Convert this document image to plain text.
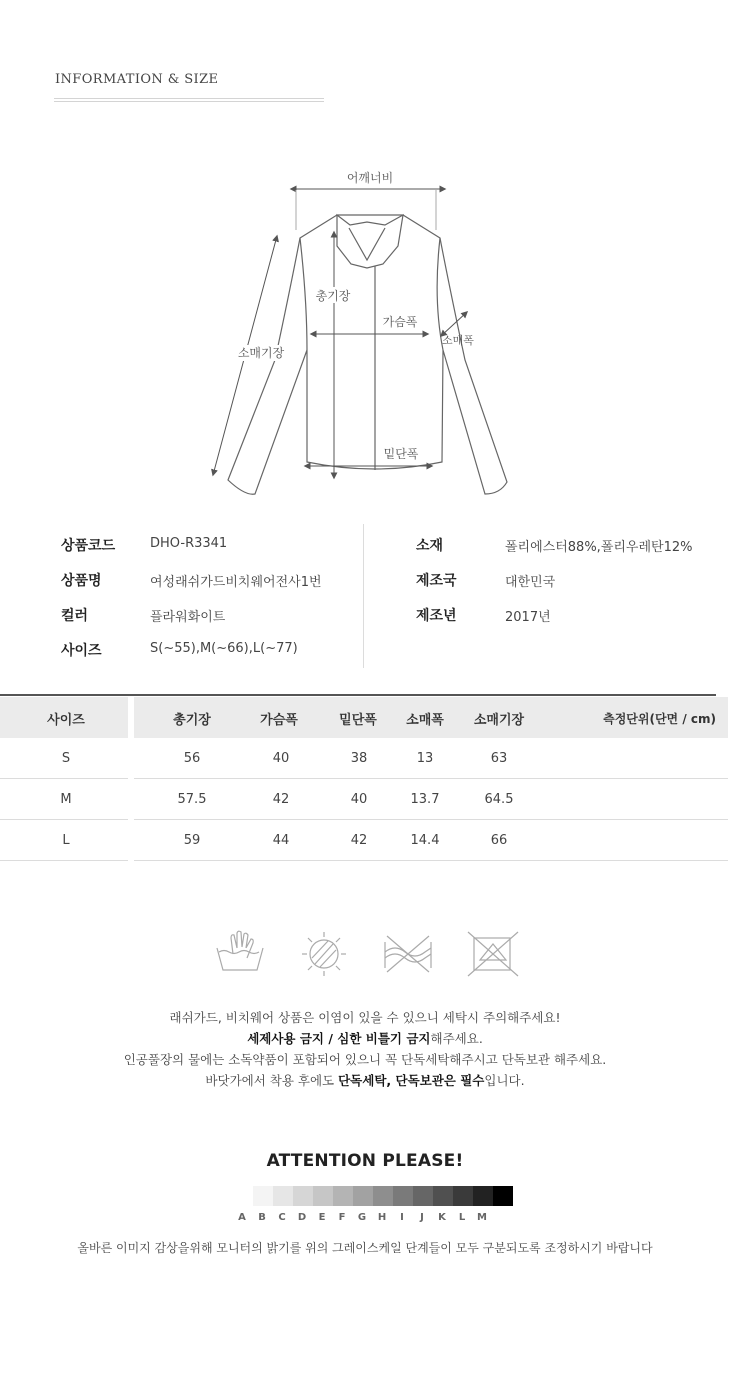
INFORMATION & SIZE
어깨너비
총기장
가슴폭
소매폭
소매기장
밑단폭
상품코드	DHO-R3341
상품명	여성래쉬가드비치웨어전사1번
컬러	플라워화이트
사이즈	S(~55),M(~66),L(~77)
소재	폴리에스터88%,폴리우레탄12%
제조국	대한민국
제조년	2017년
사이즈	총기장	가슴폭	밑단폭	소매폭	소매기장	측정단위(단면 / cm)
S	56	40	38	13	63
M	57.5	42	40	13.7	64.5
L	59	44	42	14.4	66
래쉬가드, 비치웨어 상품은 이염이 있을 수 있으니 세탁시 주의해주세요!
세제사용 금지 / 심한 비틀기 금지해주세요.
인공풀장의 물에는 소독약품이 포함되어 있으니 꼭 단독세탁해주시고 단독보관 해주세요.
바닷가에서 착용 후에도 단독세탁, 단독보관은 필수입니다.
ATTENTION PLEASE!
A	B	C	D	E	F	G	H	I	J	K	L	M
올바른 이미지 감상을위해 모니터의 밝기를 위의 그레이스케일 단계들이 모두 구분되도록 조정하시기 바랍니다
